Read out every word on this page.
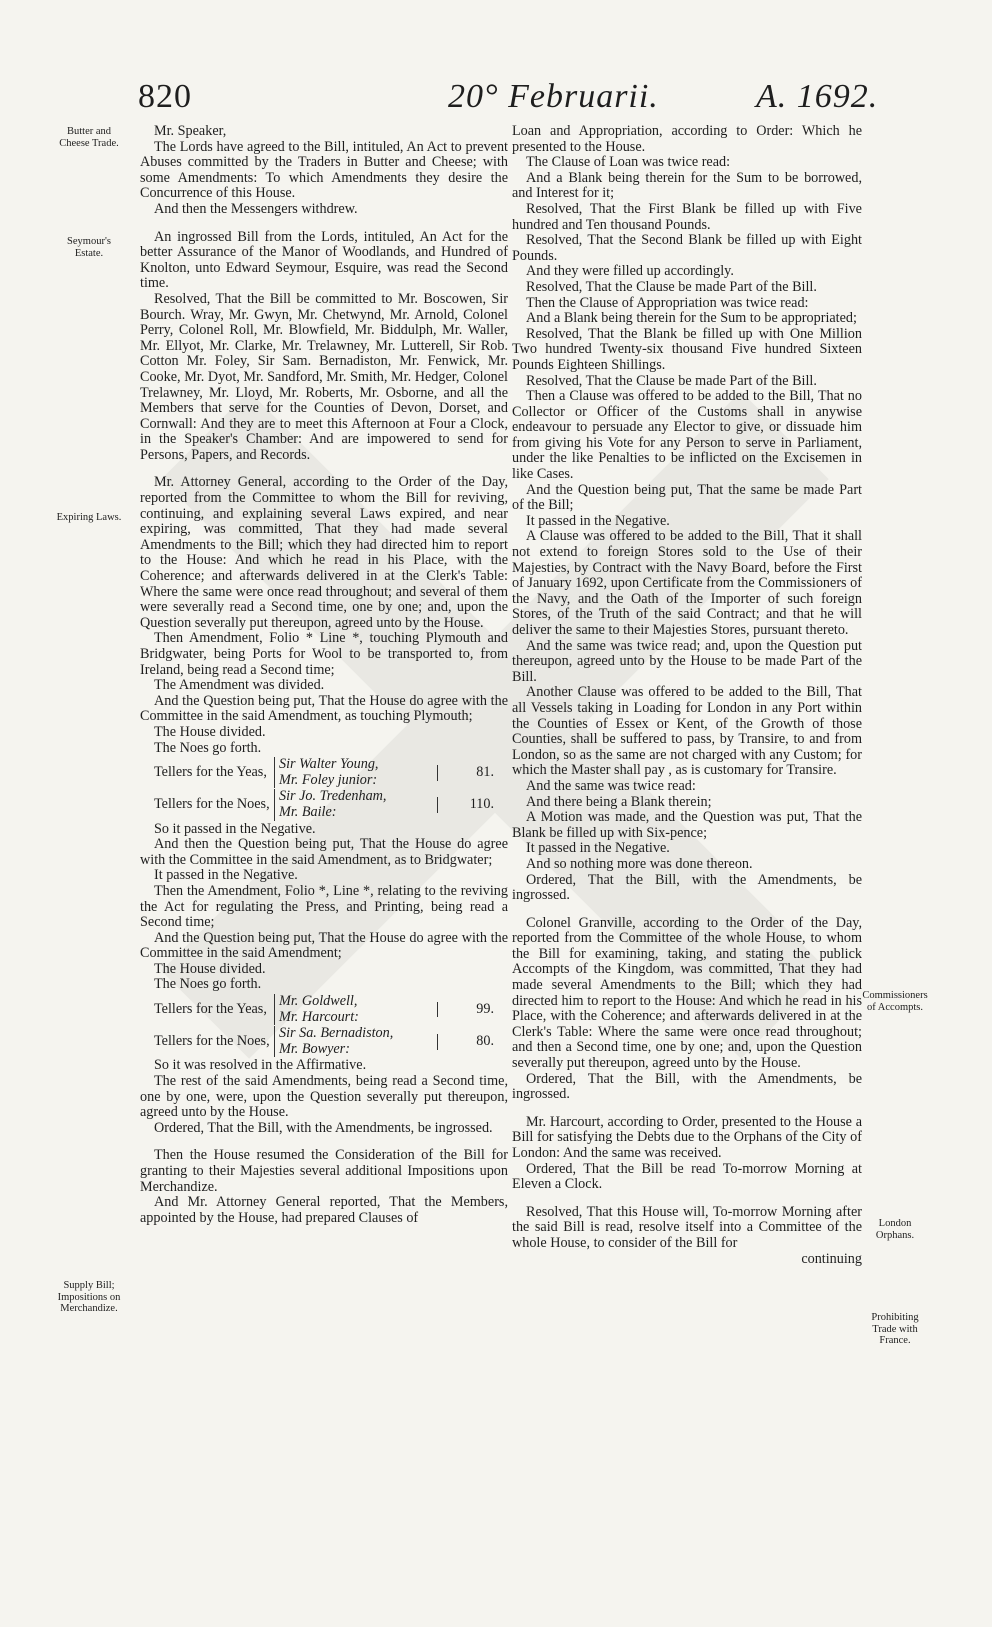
820	20° Februarii.	A. 1692.
Butter and Cheese Trade.
Seymour's Estate.
Expiring Laws.
Supply Bill; Impositions on Merchandize.
Commissioners of Accompts.
London Orphans.
Prohibiting Trade with France.

Mr. Speaker,

The Lords have agreed to the Bill, intituled, An Act to prevent Abuses committed by the Traders in Butter and Cheese; with some Amendments: To which Amendments they desire the Concurrence of this House.

And then the Messengers withdrew.

An ingrossed Bill from the Lords, intituled, An Act for the better Assurance of the Manor of Woodlands, and Hundred of Knolton, unto Edward Seymour, Esquire, was read the Second time.

Resolved, That the Bill be committed to Mr. Boscowen, Sir Bourch. Wray, Mr. Gwyn, Mr. Chetwynd, Mr. Arnold, Colonel Perry, Colonel Roll, Mr. Blowfield, Mr. Biddulph, Mr. Waller, Mr. Ellyot, Mr. Clarke, Mr. Trelawney, Mr. Lutterell, Sir Rob. Cotton Mr. Foley, Sir Sam. Bernadiston, Mr. Fenwick, Mr. Cooke, Mr. Dyot, Mr. Sandford, Mr. Smith, Mr. Hedger, Colonel Trelawney, Mr. Lloyd, Mr. Roberts, Mr. Osborne, and all the Members that serve for the Counties of Devon, Dorset, and Cornwall: And they are to meet this Afternoon at Four a Clock, in the Speaker's Chamber: And are impowered to send for Persons, Papers, and Records.

Mr. Attorney General, according to the Order of the Day, reported from the Committee to whom the Bill for reviving, continuing, and explaining several Laws expired, and near expiring, was committed, That they had made several Amendments to the Bill; which they had directed him to report to the House: And which he read in his Place, with the Coherence; and afterwards delivered in at the Clerk's Table: Where the same were once read throughout; and several of them were severally read a Second time, one by one; and, upon the Question severally put thereupon, agreed unto by the House.

Then Amendment, Folio * Line *, touching Plymouth and Bridgwater, being Ports for Wool to be transported to, from Ireland, being read a Second time;

The Amendment was divided.

And the Question being put, That the House do agree with the Committee in the said Amendment, as touching Plymouth;

The House divided.

The Noes go forth.

Tellers for the Yeas, Sir Walter Young,
Mr. Foley junior:	81.
Tellers for the Noes, Sir Jo. Tredenham,
Mr. Baile:	110.

So it passed in the Negative.

And then the Question being put, That the House do agree with the Committee in the said Amendment, as to Bridgwater;

It passed in the Negative.

Then the Amendment, Folio *, Line *, relating to the reviving the Act for regulating the Press, and Printing, being read a Second time;

And the Question being put, That the House do agree with the Committee in the said Amendment;

The House divided.

The Noes go forth.

Tellers for the Yeas, Mr. Goldwell,
Mr. Harcourt:	99.
Tellers for the Noes, Sir Sa. Bernadiston,
Mr. Bowyer:	80.

So it was resolved in the Affirmative.

The rest of the said Amendments, being read a Second time, one by one, were, upon the Question severally put thereupon, agreed unto by the House.

Ordered, That the Bill, with the Amendments, be ingrossed.

Then the House resumed the Consideration of the Bill for granting to their Majesties several additional Impositions upon Merchandize.

And Mr. Attorney General reported, That the Members, appointed by the House, had prepared Clauses of

Loan and Appropriation, according to Order: Which he presented to the House.

The Clause of Loan was twice read:

And a Blank being therein for the Sum to be borrowed, and Interest for it;

Resolved, That the First Blank be filled up with Five hundred and Ten thousand Pounds.

Resolved, That the Second Blank be filled up with Eight Pounds.

And they were filled up accordingly.

Resolved, That the Clause be made Part of the Bill.

Then the Clause of Appropriation was twice read:

And a Blank being therein for the Sum to be appropriated;

Resolved, That the Blank be filled up with One Million Two hundred Twenty-six thousand Five hundred Sixteen Pounds Eighteen Shillings.

Resolved, That the Clause be made Part of the Bill.

Then a Clause was offered to be added to the Bill, That no Collector or Officer of the Customs shall in anywise endeavour to persuade any Elector to give, or dissuade him from giving his Vote for any Person to serve in Parliament, under the like Penalties to be inflicted on the Excisemen in like Cases.

And the Question being put, That the same be made Part of the Bill;

It passed in the Negative.

A Clause was offered to be added to the Bill, That it shall not extend to foreign Stores sold to the Use of their Majesties, by Contract with the Navy Board, before the First of January 1692, upon Certificate from the Commissioners of the Navy, and the Oath of the Importer of such foreign Stores, of the Truth of the said Contract; and that he will deliver the same to their Majesties Stores, pursuant thereto.

And the same was twice read; and, upon the Question put thereupon, agreed unto by the House to be made Part of the Bill.

Another Clause was offered to be added to the Bill, That all Vessels taking in Loading for London in any Port within the Counties of Essex or Kent, of the Growth of those Counties, shall be suffered to pass, by Transire, to and from London, so as the same are not charged with any Custom; for which the Master shall pay , as is customary for Transire.

And the same was twice read:

And there being a Blank therein;

A Motion was made, and the Question was put, That the Blank be filled up with Six-pence;

It passed in the Negative.

And so nothing more was done thereon.

Ordered, That the Bill, with the Amendments, be ingrossed.

Colonel Granville, according to the Order of the Day, reported from the Committee of the whole House, to whom the Bill for examining, taking, and stating the publick Accompts of the Kingdom, was committed, That they had made several Amendments to the Bill; which they had directed him to report to the House: And which he read in his Place, with the Coherence; and afterwards delivered in at the Clerk's Table: Where the same were once read throughout; and then a Second time, one by one; and, upon the Question severally put thereupon, agreed unto by the House.

Ordered, That the Bill, with the Amendments, be ingrossed.

Mr. Harcourt, according to Order, presented to the House a Bill for satisfying the Debts due to the Orphans of the City of London: And the same was received.

Ordered, That the Bill be read To-morrow Morning at Eleven a Clock.

Resolved, That this House will, To-morrow Morning after the said Bill is read, resolve itself into a Committee of the whole House, to consider of the Bill for

continuing
